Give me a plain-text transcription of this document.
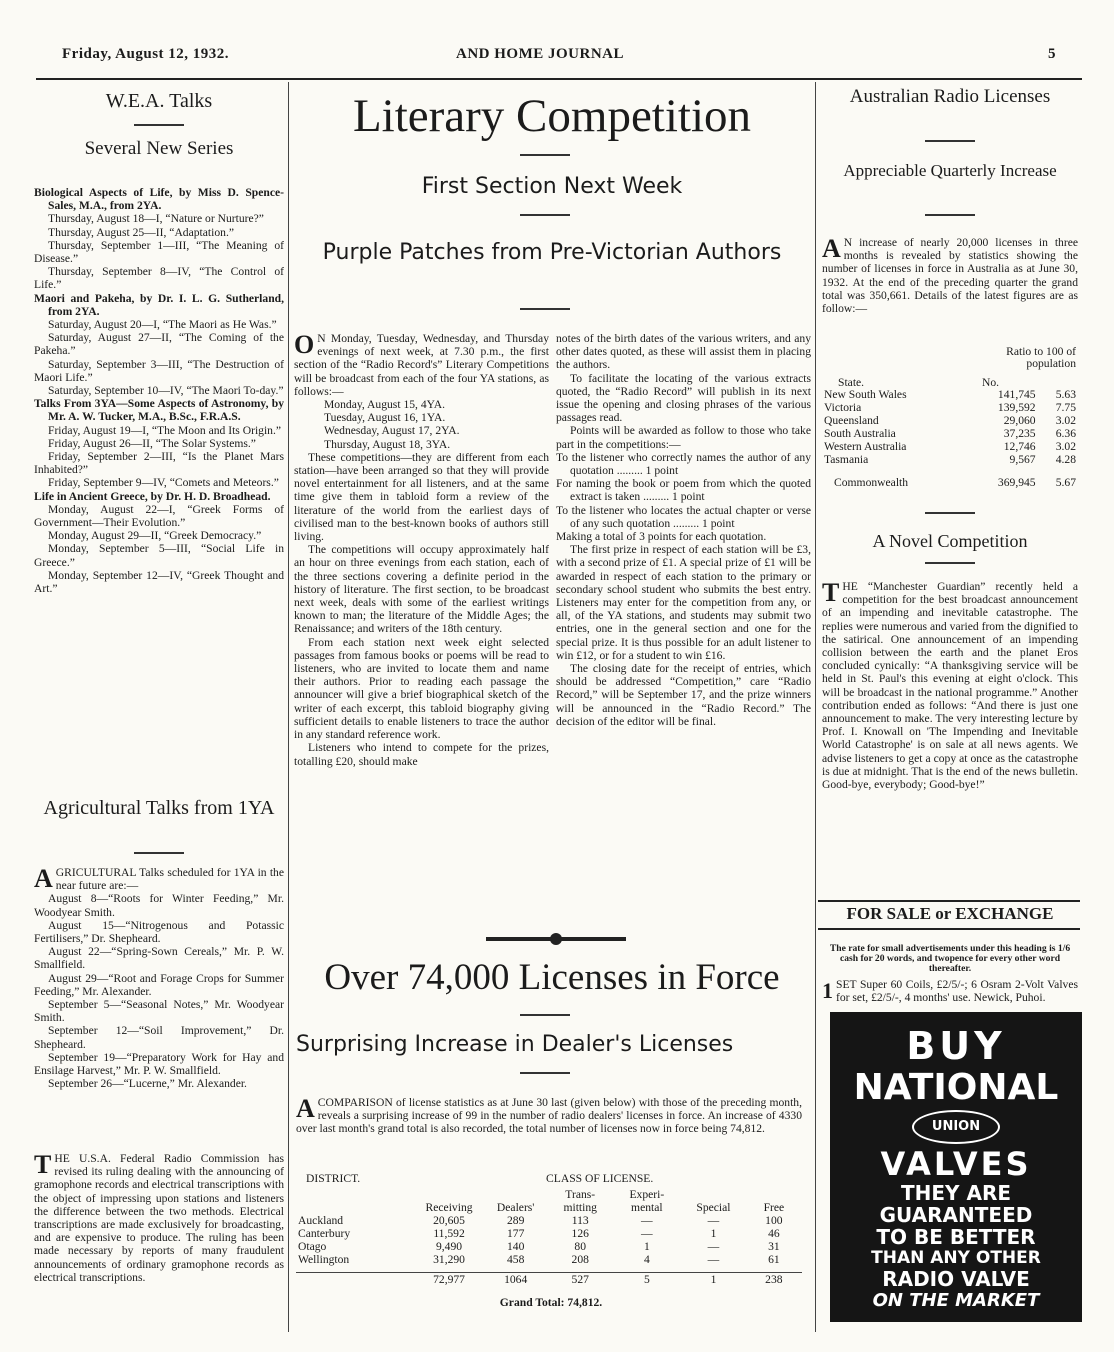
Friday, August 12, 1932.	AND HOME JOURNAL	5
W.E.A. Talks
Several New Series

Biological Aspects of Life, by Miss D. Spence-Sales, M.A., from 2YA.

Thursday, August 18—I, “Nature or Nurture?”

Thursday, August 25—II, “Adaptation.”

Thursday, September 1—III, “The Meaning of Disease.”

Thursday, September 8—IV, “The Control of Life.”

Maori and Pakeha, by Dr. I. L. G. Sutherland, from 2YA.

Saturday, August 20—I, “The Maori as He Was.”

Saturday, August 27—II, “The Coming of the Pakeha.”

Saturday, September 3—III, “The Destruction of Maori Life.”

Saturday, September 10—IV, “The Maori To-day.”

Talks From 3YA—Some Aspects of Astronomy, by Mr. A. W. Tucker, M.A., B.Sc., F.R.A.S.

Friday, August 19—I, “The Moon and Its Origin.”

Friday, August 26—II, “The Solar Systems.”

Friday, September 2—III, “Is the Planet Mars Inhabited?”

Friday, September 9—IV, “Comets and Meteors.”

Life in Ancient Greece, by Dr. H. D. Broadhead.

Monday, August 22—I, “Greek Forms of Government—Their Evolution.”

Monday, August 29—II, “Greek Democracy.”

Monday, September 5—III, “Social Life in Greece.”

Monday, September 12—IV, “Greek Thought and Art.”

Agricultural Talks from 1YA

AGRICULTURAL Talks scheduled for 1YA in the near future are:—

August 8—“Roots for Winter Feeding,” Mr. Woodyear Smith.

August 15—“Nitrogenous and Potassic Fertilisers,” Dr. Shepheard.

August 22—“Spring-Sown Cereals,” Mr. P. W. Smallfield.

August 29—“Root and Forage Crops for Summer Feeding,” Mr. Alexander.

September 5—“Seasonal Notes,” Mr. Woodyear Smith.

September 12—“Soil Improvement,” Dr. Shepheard.

September 19—“Preparatory Work for Hay and Ensilage Harvest,” Mr. P. W. Smallfield.

September 26—“Lucerne,” Mr. Alexander.

THE U.S.A. Federal Radio Commission has revised its ruling dealing with the announcing of gramophone records and electrical transcriptions with the object of impressing upon stations and listeners the difference between the two methods. Electrical transcriptions are made exclusively for broadcasting, and are expensive to produce. The ruling has been made necessary by reports of many fraudulent announcements of ordinary gramophone records as electrical transcriptions.

Literary Competition
First Section Next Week
Purple Patches from Pre-Victorian Authors

O N Monday, Tuesday, Wednesday, and Thursday evenings of next week, at 7.30 p.m., the first section of the “Radio Record's” Literary Competitions will be broadcast from each of the four YA stations, as follows:—

Monday, August 15, 4YA.

Tuesday, August 16, 1YA.

Wednesday, August 17, 2YA.

Thursday, August 18, 3YA.

These competitions—they are different from each station—have been arranged so that they will provide novel entertainment for all listeners, and at the same time give them in tabloid form a review of the literature of the world from the earliest days of civilised man to the best-known books of authors still living.

The competitions will occupy approximately half an hour on three evenings from each station, each of the three sections covering a definite period in the history of literature. The first section, to be broadcast next week, deals with some of the earliest writings known to man; the literature of the Middle Ages; the Renaissance; and writers of the 18th century.

From each station next week eight selected passages from famous books or poems will be read to listeners, who are invited to locate them and name their authors. Prior to reading each passage the announcer will give a brief biographical sketch of the writer of each excerpt, this tabloid biography giving sufficient details to enable listeners to trace the author in any standard reference work.

Listeners who intend to compete for the prizes, totalling £20, should make

notes of the birth dates of the various writers, and any other dates quoted, as these will assist them in placing the authors.

To facilitate the locating of the various extracts quoted, the “Radio Record” will publish in its next issue the opening and closing phrases of the various passages read.

Points will be awarded as follow to those who take part in the competitions:—

To the listener who correctly names the author of any quotation ......... 1 point

For naming the book or poem from which the quoted extract is taken ......... 1 point

To the listener who locates the actual chapter or verse of any such quotation ......... 1 point

Making a total of 3 points for each quotation.

The first prize in respect of each station will be £3, with a second prize of £1. A special prize of £1 will be awarded in respect of each station to the primary or secondary school student who submits the best entry. Listeners may enter for the competition from any, or all, of the YA stations, and students may submit two entries, one in the general section and one for the special prize. It is thus possible for an adult listener to win £12, or for a student to win £16.

The closing date for the receipt of entries, which should be addressed “Competition,” care “Radio Record,” will be September 17, and the prize winners will be announced in the “Radio Record.” The decision of the editor will be final.

Over 74,000 Licenses in Force
Surprising Increase in Dealer's Licenses

ACOMPARISON of license statistics as at June 30 last (given below) with those of the preceding month, reveals a surprising increase of 99 in the number of radio dealers' licenses in force. An increase of 4330 over last month's grand total is also recorded, the total number of licenses now in force being 74,812.

DISTRICT.	CLASS OF LICENSE.
	Receiving	Dealers'	Trans-mitting	Experi-mental	Special	Free
Auckland	20,605	289	113	—	—	100
Canterbury	11,592	177	126	—	1	46
Otago	9,490	140	80	1	—	31
Wellington	31,290	458	208	4	—	61

	72,977	1064	527	5	1	238
Grand Total: 74,812.
Australian Radio Licenses
Appreciable Quarterly Increase

A N increase of nearly 20,000 licenses in three months is revealed by statistics showing the number of licenses in force in Australia as at June 30, 1932. At the end of the preceding quarter the grand total was 350,661. Details of the latest figures are as follow:—

Ratio to 100 of population
State.	No.
New South Wales	141,745	5.63
Victoria	139,592	7.75
Queensland	29,060	3.02
South Australia	37,235	6.36
Western Australia	12,746	3.02
Tasmania	9,567	4.28

Commonwealth	369,945	5.67
A Novel Competition

THE “Manchester Guardian” recently held a competition for the best broadcast announcement of an impending and inevitable catastrophe. The replies were numerous and varied from the dignified to the satirical. One announcement of an impending collision between the earth and the planet Eros concluded cynically: “A thanksgiving service will be held in St. Paul's this evening at eight o'clock. This will be broadcast in the national programme.” Another contribution ended as follows: “And there is just one announcement to make. The very interesting lecture by Prof. I. Knowall on 'The Impending and Inevitable World Catastrophe' is on sale at all news agents. We advise listeners to get a copy at once as the catastrophe is due at midnight. That is the end of the news bulletin. Good-bye, everybody; Good-bye!”

FOR SALE or EXCHANGE
The rate for small advertisements under this heading is 1/6 cash for 20 words, and twopence for every other word thereafter.

1 SET Super 60 Coils, £2/5/-; 6 Osram 2-Volt Valves for set, £2/5/-, 4 months' use. Newick, Puhoi.

BUY
NATIONAL
UNION
VALVES
THEY ARE
GUARANTEED
TO BE BETTER
THAN ANY OTHER
RADIO VALVE
ON THE MARKET
